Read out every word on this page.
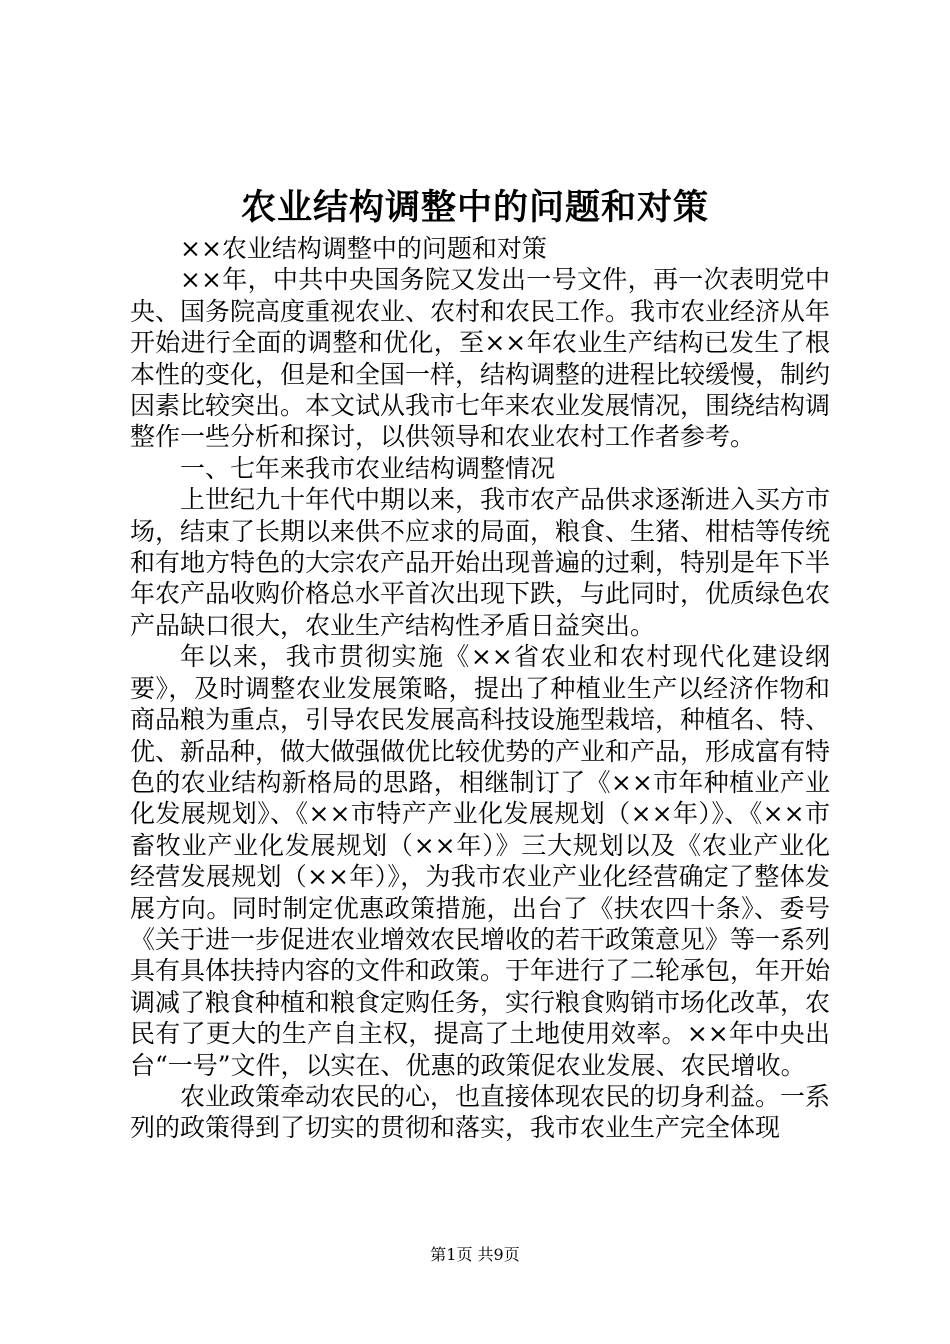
农业结构调整中的问题和对策

××农业结构调整中的问题和对策

××年，中共中央国务院又发出一号文件，再一次表明党中央、国务院高度重视农业、农村和农民工作。我市农业经济从年开始进行全面的调整和优化，至××年农业生产结构已发生了根本性的变化，但是和全国一样，结构调整的进程比较缓慢，制约因素比较突出。本文试从我市七年来农业发展情况，围绕结构调整作一些分析和探讨，以供领导和农业农村工作者参考。

一、七年来我市农业结构调整情况

上世纪九十年代中期以来，我市农产品供求逐渐进入买方市场，结束了长期以来供不应求的局面，粮食、生猪、柑桔等传统和有地方特色的大宗农产品开始出现普遍的过剩，特别是年下半年农产品收购价格总水平首次出现下跌，与此同时，优质绿色农产品缺口很大，农业生产结构性矛盾日益突出。

年以来，我市贯彻实施《××省农业和农村现代化建设纲要》，及时调整农业发展策略，提出了种植业生产以经济作物和商品粮为重点，引导农民发展高科技设施型栽培，种植名、特、优、新品种，做大做强做优比较优势的产业和产品，形成富有特色的农业结构新格局的思路，相继制订了《××市年种植业产业化发展规划》、《××市特产产业化发展规划（××年）》、《××市畜牧业产业化发展规划（××年）》三大规划以及《农业产业化经营发展规划（××年）》，为我市农业产业化经营确定了整体发展方向。同时制定优惠政策措施，出台了《扶农四十条》、委号《关于进一步促进农业增效农民增收的若干政策意见》等一系列具有具体扶持内容的文件和政策。于年进行了二轮承包，年开始调减了粮食种植和粮食定购任务，实行粮食购销市场化改革，农民有了更大的生产自主权，提高了土地使用效率。××年中央出台“一号”文件，以实在、优惠的政策促农业发展、农民增收。

农业政策牵动农民的心，也直接体现农民的切身利益。一系列的政策得到了切实的贯彻和落实，我市农业生产完全体现

第1页 共9页
